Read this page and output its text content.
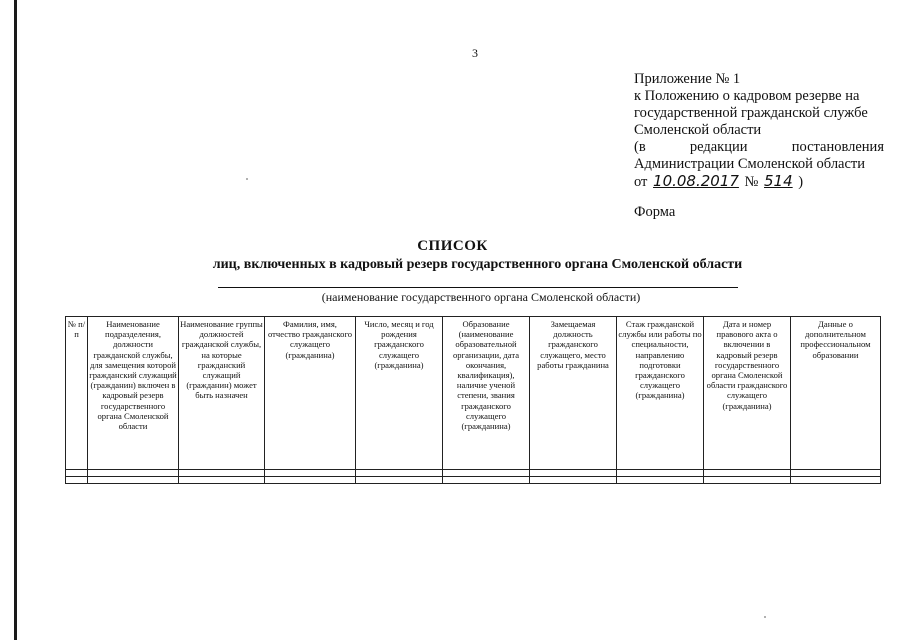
3
Приложение № 1
к Положению о кадровом резерве на
государственной гражданской службе
Смоленской области
(в	редакции	постановления
Администрации Смоленской области
от 10.08.2017 № 514 )
Форма
СПИСОК
лиц, включенных в кадровый резерв государственного органа Смоленской области
(наименование государственного органа Смоленской области)
№ п/п	Наименование подразделения, должности гражданской службы, для замещения которой гражданский служащий (гражданин) включен в кадровый резерв государственного органа Смоленской области	Наименование группы должностей гражданской службы, на которые гражданский служащий (гражданин) может быть назначен	Фамилия, имя, отчество гражданского служащего (гражданина)	Число, месяц и год рождения гражданского служащего (гражданина)	Образование (наименование образовательной организации, дата окончания, квалификация), наличие ученой степени, звания гражданского служащего (гражданина)	Замещаемая должность гражданского служащего, место работы гражданина	Стаж гражданской службы или работы по специальности, направлению подготовки гражданского служащего (гражданина)	Дата и номер правового акта о включении в кадровый резерв государственного органа Смоленской области гражданского служащего (гражданина)	Данные о дополнительном профессиональном образовании
